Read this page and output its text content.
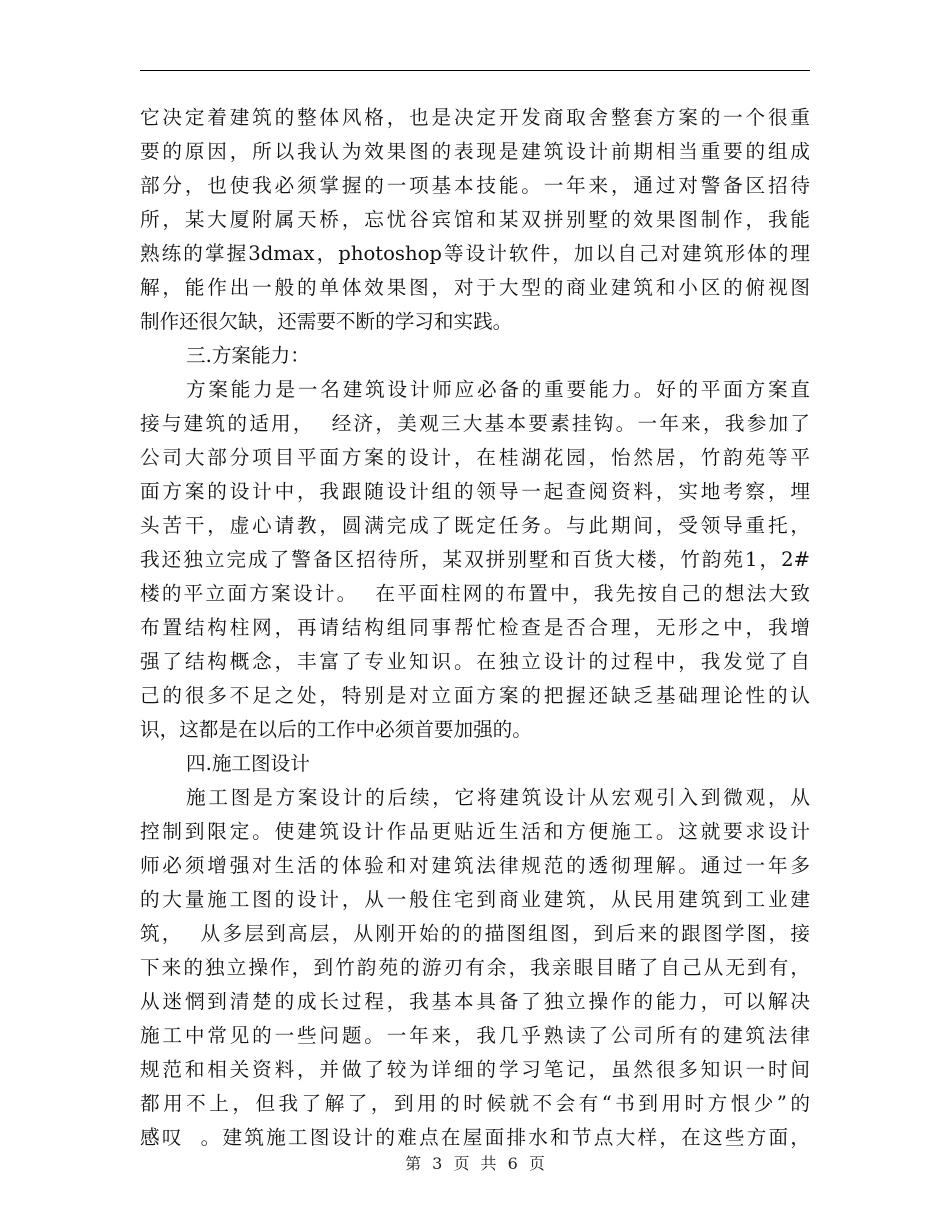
它决定着建筑的整体风格，也是决定开发商取舍整套方案的一个很重
要的原因，所以我认为效果图的表现是建筑设计前期相当重要的组成
部分，也使我必须掌握的一项基本技能。一年来，通过对警备区招待
所，某大厦附属天桥，忘忧谷宾馆和某双拼别墅的效果图制作，我能
熟练的掌握3dmax，photoshop等设计软件，加以自己对建筑形体的理
解，能作出一般的单体效果图，对于大型的商业建筑和小区的俯视图
制作还很欠缺，还需要不断的学习和实践。
三.方案能力：
方案能力是一名建筑设计师应必备的重要能力。好的平面方案直
接与建筑的适用，  经济，美观三大基本要素挂钩。一年来，我参加了
公司大部分项目平面方案的设计，在桂湖花园，怡然居，竹韵苑等平
面方案的设计中，我跟随设计组的领导一起查阅资料，实地考察，埋
头苦干，虚心请教，圆满完成了既定任务。与此期间，受领导重托，
我还独立完成了警备区招待所，某双拼别墅和百货大楼，竹韵苑1，2#
楼的平立面方案设计。  在平面柱网的布置中，我先按自己的想法大致
布置结构柱网，再请结构组同事帮忙检查是否合理，无形之中，我增
强了结构概念，丰富了专业知识。在独立设计的过程中，我发觉了自
己的很多不足之处，特别是对立面方案的把握还缺乏基础理论性的认
识，这都是在以后的工作中必须首要加强的。
四.施工图设计
施工图是方案设计的后续，它将建筑设计从宏观引入到微观，从
控制到限定。使建筑设计作品更贴近生活和方便施工。这就要求设计
师必须增强对生活的体验和对建筑法律规范的透彻理解。通过一年多
的大量施工图的设计，从一般住宅到商业建筑，从民用建筑到工业建
筑，  从多层到高层，从刚开始的的描图组图，到后来的跟图学图，接
下来的独立操作，到竹韵苑的游刃有余，我亲眼目睹了自己从无到有，
从迷惘到清楚的成长过程，我基本具备了独立操作的能力，可以解决
施工中常见的一些问题。一年来，我几乎熟读了公司所有的建筑法律
规范和相关资料，并做了较为详细的学习笔记，虽然很多知识一时间
都用不上，但我了解了，到用的时候就不会有“书到用时方恨少”的
感叹  。建筑施工图设计的难点在屋面排水和节点大样，在这些方面，
第 3 页 共 6 页
